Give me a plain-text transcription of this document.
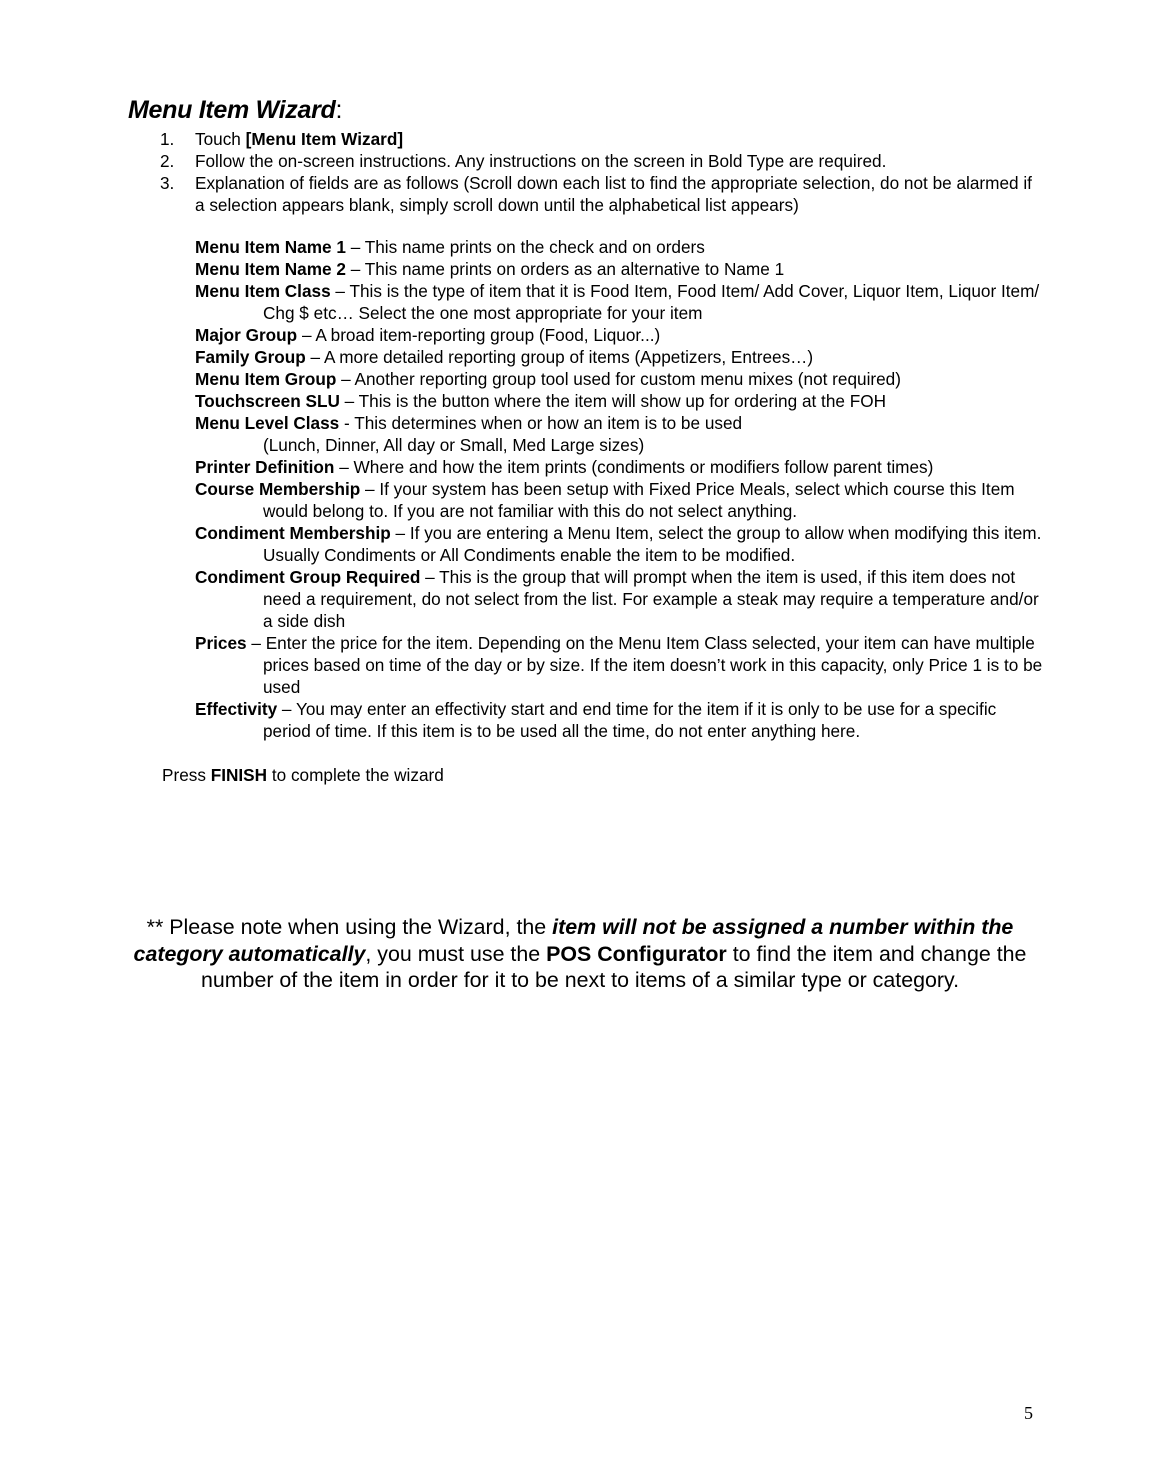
Menu Item Wizard:
1.	Touch [Menu Item Wizard]
2.	Follow the on-screen instructions. Any instructions on the screen in Bold Type are required.
3.	Explanation of fields are as follows (Scroll down each list to find the appropriate selection, do not be alarmed if a selection appears blank, simply scroll down until the alphabetical list appears)
Menu Item Name 1 – This name prints on the check and on orders
Menu Item Name 2 – This name prints on orders as an alternative to Name 1
Menu Item Class – This is the type of item that it is Food Item, Food Item/ Add Cover, Liquor Item, Liquor Item/ Chg $ etc… Select the one most appropriate for your item
Major Group – A broad item-reporting group (Food, Liquor...)
Family Group – A more detailed reporting group of items (Appetizers, Entrees…)
Menu Item Group – Another reporting group tool used for custom menu mixes (not required)
Touchscreen SLU – This is the button where the item will show up for ordering at the FOH
Menu Level Class - This determines when or how an item is to be used
(Lunch, Dinner, All day or Small, Med Large sizes)
Printer Definition – Where and how the item prints (condiments or modifiers follow parent times)
Course Membership – If your system has been setup with Fixed Price Meals, select which course this Item would belong to. If you are not familiar with this do not select anything.
Condiment Membership – If you are entering a Menu Item, select the group to allow when modifying this item. Usually Condiments or All Condiments enable the item to be modified.
Condiment Group Required – This is the group that will prompt when the item is used, if this item does not need a requirement, do not select from the list. For example a steak may require a temperature and/or a side dish
Prices – Enter the price for the item. Depending on the Menu Item Class selected, your item can have multiple prices based on time of the day or by size. If the item doesn’t work in this capacity, only Price 1 is to be used
Effectivity – You may enter an effectivity start and end time for the item if it is only to be use for a specific period of time. If this item is to be used all the time, do not enter anything here.
Press FINISH to complete the wizard
** Please note when using the Wizard, the item will not be assigned a number within the category automatically, you must use the POS Configurator to find the item and change the number of the item in order for it to be next to items of a similar type or category.
5
